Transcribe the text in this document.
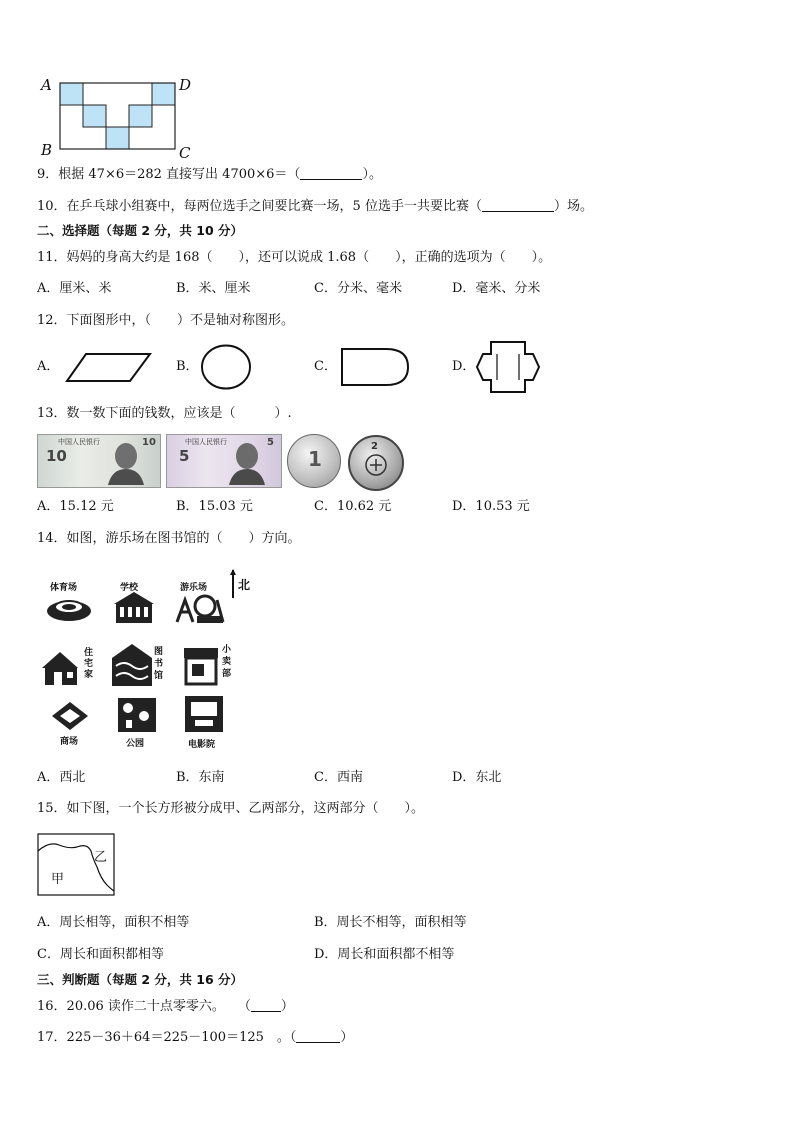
A	D
B	C
9．根据 47×6＝282 直接写出 4700×6＝（	）。
10．在乒乓球小组赛中，每两位选手之间要比赛一场，5 位选手一共要比赛（	）场。
二、选择题（每题 2 分，共 10 分）
11．妈妈的身高大约是 168（　　），还可以说成 1.68（　　），正确的选项为（　　）。
A．厘米、米	B．米、厘米	C．分米、毫米	D．毫米、分米
12．下面图形中，（　　）不是轴对称图形。
A．	B．	C．	D．
13．数一数下面的钱数，应该是（　　　）.
中国人民银行
10
10	中国人民银行
5
5
1
2
A．15.12 元	B．15.03 元	C．10.62 元	D．10.53 元
14．如图，游乐场在图书馆的（　　）方向。
北
体育场	学校	游乐场
住宅家
图书馆
小卖部
商场	公园	电影院
A．西北	B．东南	C．西南	D．东北
15．如下图，一个长方形被分成甲、乙两部分，这两部分（　　）。
甲
乙
A．周长相等，面积不相等	B．周长不相等，面积相等
C．周长和面积都相等	D．周长和面积都不相等
三、判断题（每题 2 分，共 16 分）
16．20.06 读作二十点零零六。　　（ ）
17．225－36＋64＝225－100＝125　。（	）
